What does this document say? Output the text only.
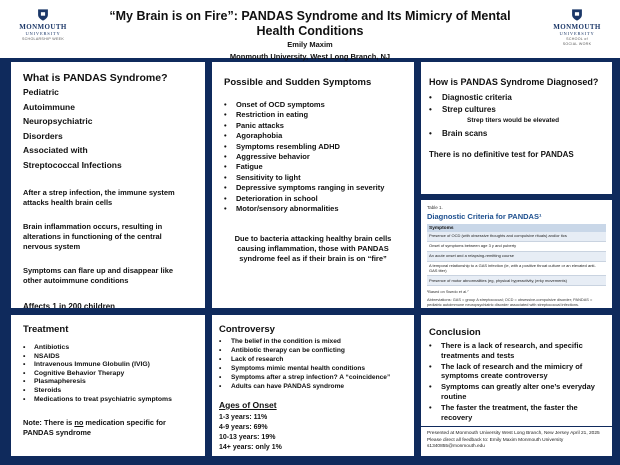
MONMOUTH
UNIVERSITY
SCHOLARSHIP WEEK
“My Brain is on Fire”: PANDAS Syndrome and Its Mimicry of Mental Health Conditions
Emily Maxim
Monmouth University, West Long Branch, NJ
MONMOUTH
UNIVERSITY
SCHOOL of
SOCIAL WORK
What is PANDAS Syndrome?
Pediatric
Autoimmune
Neuropsychiatric
Disorders
Associated with
Streptococcal Infections

After a strep infection, the immune system attacks health brain cells

Brain inflammation occurs, resulting in alterations in functioning of the central nervous system

Symptoms can flare up and disappear like other autoimmune conditions

Affects 1 in 200 children

Possible and Sudden Symptoms
• Onset of OCD symptoms
• Restriction in eating
• Panic attacks
• Agoraphobia
• Symptoms resembling ADHD
• Aggressive behavior
• Fatigue
• Sensitivity to light
• Depressive symptoms ranging in severity
• Deterioration in school
• Motor/sensory abnormalities

Due to bacteria attacking healthy brain cells causing inflammation, those with PANDAS syndrome feel as if their brain is on “fire”

How is PANDAS Syndrome Diagnosed?
• Diagnostic criteria
• Strep cultures
Strep titers would be elevated
• Brain scans

There is no definitive test for PANDAS

Table 1.
Diagnostic Criteria for PANDAS¹
Symptoms
Presence of OCD (with obsessive thoughts and compulsive rituals) and/or tics
Onset of symptoms between age 3 y and puberty
An acute onset and a relapsing-remitting course
A temporal relationship to a GAS infection (ie, with a positive throat culture or an elevated anti-GAS titer)
Presence of motor abnormalities (eg, physical hyperactivity, jerky movements)
¹Based on Swedo et al.⁷
Abbreviations: GAS = group A streptococcal; OCD = obsessive-compulsive disorder; PANDAS = pediatric autoimmune neuropsychiatric disorder associated with streptococcal infections.
Treatment
• Antibiotics
• NSAIDS
• Intravenous Immune Globulin (IVIG)
• Cognitive Behavior Therapy
• Plasmapheresis
• Steroids
• Medications to treat psychiatric symptoms

Note: There is no medication specific for PANDAS syndrome

Controversy
• The belief in the condition is mixed
• Antibiotic therapy can be conflicting
• Lack of research
• Symptoms mimic mental health conditions
• Symptoms after a strep infection? A “coincidence”
• Adults can have PANDAS syndrome
Ages of Onset
1-3 years: 11%
4-9 years: 69%
10-13 years: 19%
14+ years: only 1%
Conclusion
• There is a lack of research, and specific treatments and tests
• The lack of research and the mimicry of symptoms create controversy
• Symptoms can greatly alter one’s everyday routine
• The faster the treatment, the faster the recovery
Presented at Monmouth University West Long Branch, New Jersey April 21, 2025
Please direct all feedback to: Emily Maxim Monmouth University
s1340855@monmouth.edu
